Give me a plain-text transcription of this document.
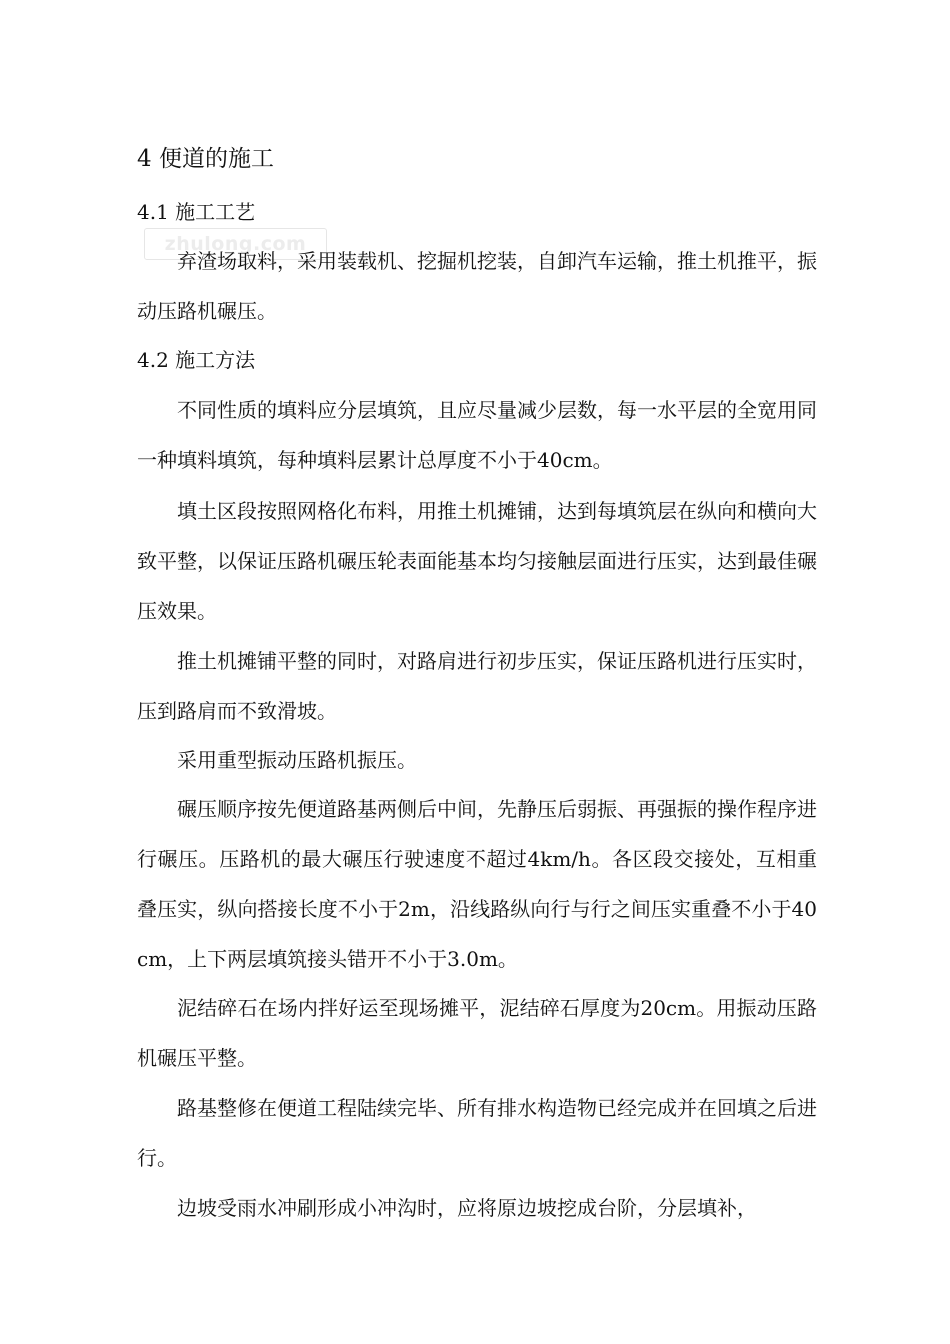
4 便道的施工
4.1 施工工艺
zhulong.com

弃渣场取料，采用装载机、挖掘机挖装，自卸汽车运输，推土机推平，振动压路机碾压。

4.2 施工方法

不同性质的填料应分层填筑，且应尽量减少层数，每一水平层的全宽用同一种填料填筑，每种填料层累计总厚度不小于40cm。

填土区段按照网格化布料，用推土机摊铺，达到每填筑层在纵向和横向大致平整，以保证压路机碾压轮表面能基本均匀接触层面进行压实，达到最佳碾压效果。

推土机摊铺平整的同时，对路肩进行初步压实，保证压路机进行压实时，压到路肩而不致滑坡。

采用重型振动压路机振压。

碾压顺序按先便道路基两侧后中间，先静压后弱振、再强振的操作程序进行碾压。压路机的最大碾压行驶速度不超过4km/h。各区段交接处，互相重叠压实，纵向搭接长度不小于2m，沿线路纵向行与行之间压实重叠不小于40cm，上下两层填筑接头错开不小于3.0m。

泥结碎石在场内拌好运至现场摊平，泥结碎石厚度为20cm。用振动压路机碾压平整。

路基整修在便道工程陆续完毕、所有排水构造物已经完成并在回填之后进行。

边坡受雨水冲刷形成小冲沟时，应将原边坡挖成台阶，分层填补，
